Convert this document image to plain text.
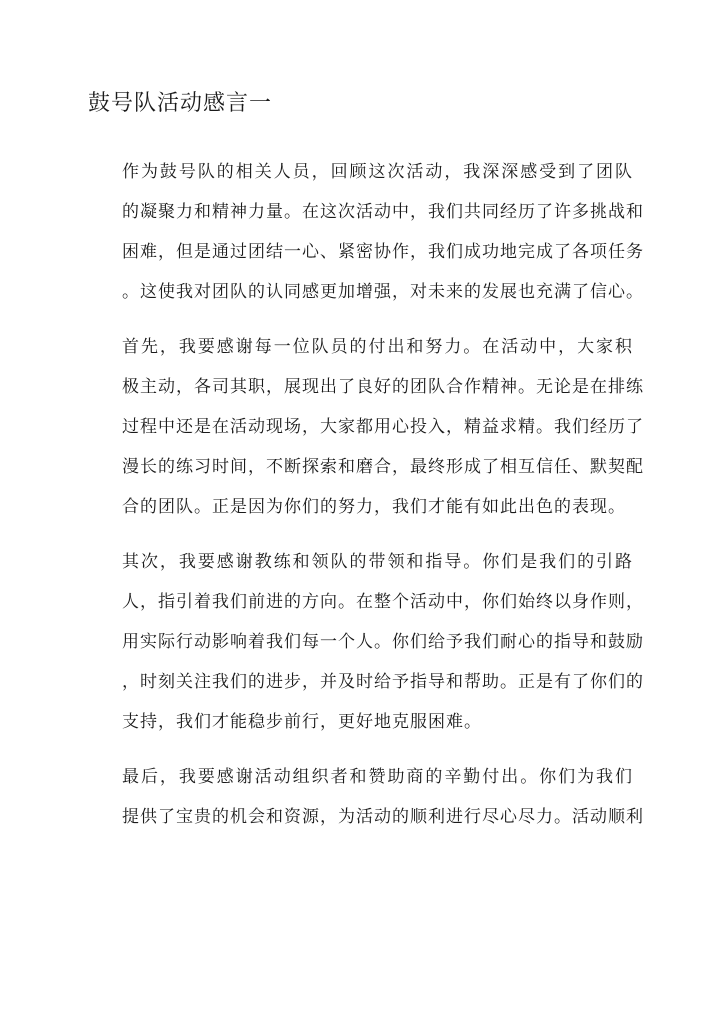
鼓号队活动感言一

作为鼓号队的相关人员，回顾这次活动，我深深感受到了团队
的凝聚力和精神力量。在这次活动中，我们共同经历了许多挑战和
困难，但是通过团结一心、紧密协作，我们成功地完成了各项任务
。这使我对团队的认同感更加增强，对未来的发展也充满了信心。

首先，我要感谢每一位队员的付出和努力。在活动中，大家积
极主动，各司其职，展现出了良好的团队合作精神。无论是在排练
过程中还是在活动现场，大家都用心投入，精益求精。我们经历了
漫长的练习时间，不断探索和磨合，最终形成了相互信任、默契配
合的团队。正是因为你们的努力，我们才能有如此出色的表现。

其次，我要感谢教练和领队的带领和指导。你们是我们的引路
人，指引着我们前进的方向。在整个活动中，你们始终以身作则，
用实际行动影响着我们每一个人。你们给予我们耐心的指导和鼓励
，时刻关注我们的进步，并及时给予指导和帮助。正是有了你们的
支持，我们才能稳步前行，更好地克服困难。

最后，我要感谢活动组织者和赞助商的辛勤付出。你们为我们
提供了宝贵的机会和资源，为活动的顺利进行尽心尽力。活动顺利
